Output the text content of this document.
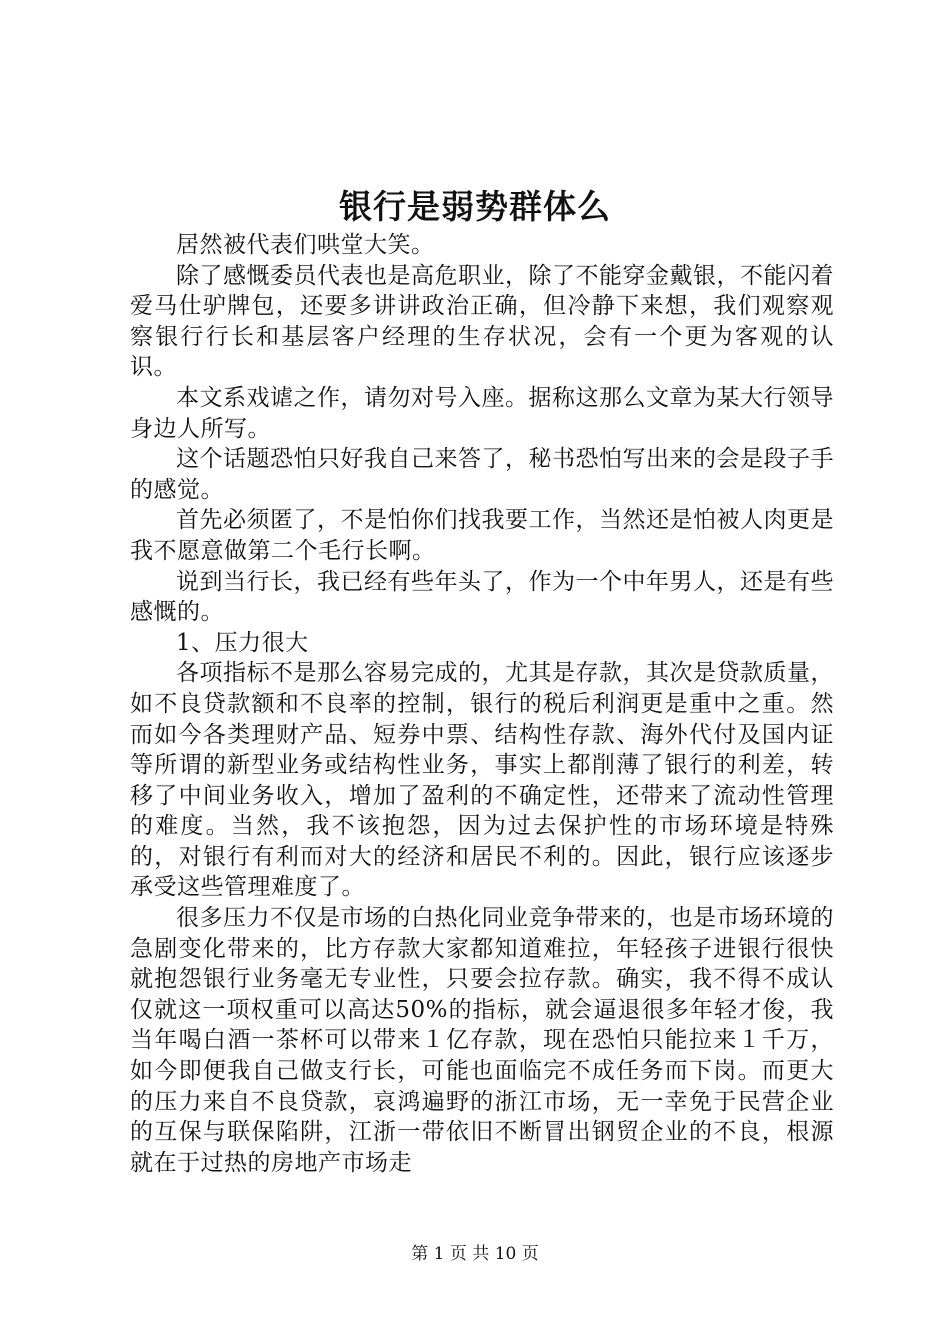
银行是弱势群体么

居然被代表们哄堂大笑。

除了感慨委员代表也是高危职业，除了不能穿金戴银，不能闪着爱马仕驴牌包，还要多讲讲政治正确，但冷静下来想，我们观察观察银行行长和基层客户经理的生存状况，会有一个更为客观的认识。

本文系戏谑之作，请勿对号入座。据称这那么文章为某大行领导身边人所写。

这个话题恐怕只好我自己来答了，秘书恐怕写出来的会是段子手的感觉。

首先必须匿了，不是怕你们找我要工作，当然还是怕被人肉更是我不愿意做第二个毛行长啊。

说到当行长，我已经有些年头了，作为一个中年男人，还是有些感慨的。

1、压力很大

各项指标不是那么容易完成的，尤其是存款，其次是贷款质量，如不良贷款额和不良率的控制，银行的税后利润更是重中之重。然而如今各类理财产品、短券中票、结构性存款、海外代付及国内证等所谓的新型业务或结构性业务，事实上都削薄了银行的利差，转移了中间业务收入，增加了盈利的不确定性，还带来了流动性管理的难度。当然，我不该抱怨，因为过去保护性的市场环境是特殊的，对银行有利而对大的经济和居民不利的。因此，银行应该逐步承受这些管理难度了。

很多压力不仅是市场的白热化同业竞争带来的，也是市场环境的急剧变化带来的，比方存款大家都知道难拉，年轻孩子进银行很快就抱怨银行业务毫无专业性，只要会拉存款。确实，我不得不成认仅就这一项权重可以高达50%的指标，就会逼退很多年轻才俊，我当年喝白酒一茶杯可以带来１亿存款，现在恐怕只能拉来１千万，如今即便我自己做支行长，可能也面临完不成任务而下岗。而更大的压力来自不良贷款，哀鸿遍野的浙江市场，无一幸免于民营企业的互保与联保陷阱，江浙一带依旧不断冒出钢贸企业的不良，根源就在于过热的房地产市场走

第 1 页 共 10 页
